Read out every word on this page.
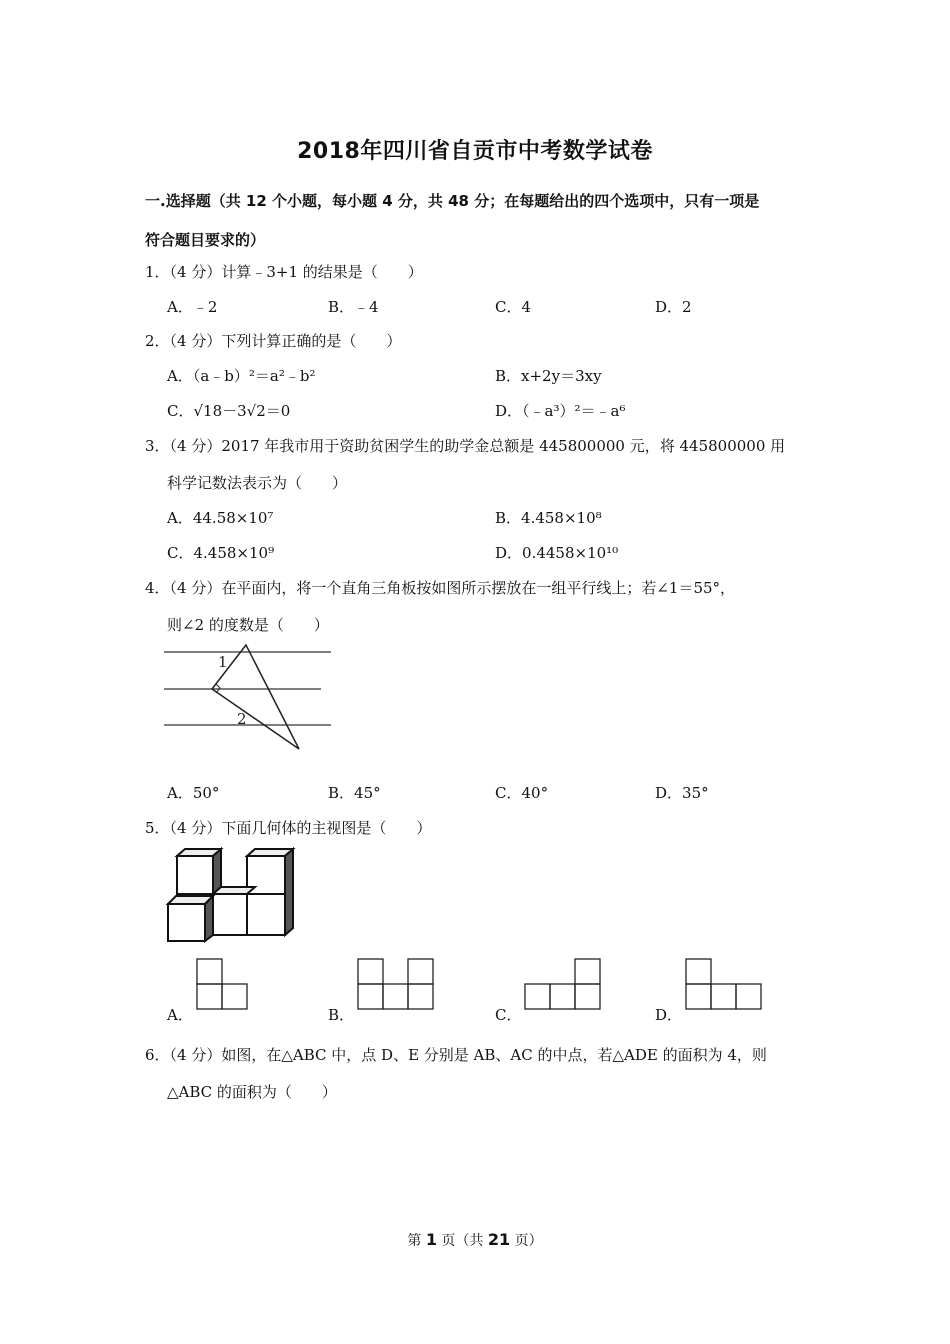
2018年四川省自贡市中考数学试卷
一.选择题（共 12 个小题，每小题 4 分，共 48 分；在每题给出的四个选项中，只有一项是
符合题目要求的）
1．（4 分）计算﹣3+1 的结果是（　　）
A．﹣2	B．﹣4	C．4	D．2
2．（4 分）下列计算正确的是（　　）
A．（a﹣b）²＝a²﹣b²	B．x+2y＝3xy
C．√18－3√2＝0	D．（﹣a³）²＝﹣a⁶
3．（4 分）2017 年我市用于资助贫困学生的助学金总额是 445800000 元，将 445800000 用
科学记数法表示为（　　）
A．44.58×10⁷	B．4.458×10⁸
C．4.458×10⁹	D．0.4458×10¹⁰
4．（4 分）在平面内，将一个直角三角板按如图所示摆放在一组平行线上；若∠1＝55°，
则∠2 的度数是（　　）
1
2
A．50°	B．45°	C．40°	D．35°
5．（4 分）下面几何体的主视图是（　　）
A．	B．	C．	D．
6．（4 分）如图，在△ABC 中，点 D、E 分别是 AB、AC 的中点，若△ADE 的面积为 4，则
△ABC 的面积为（　　）
第 1 页（共 21 页）
